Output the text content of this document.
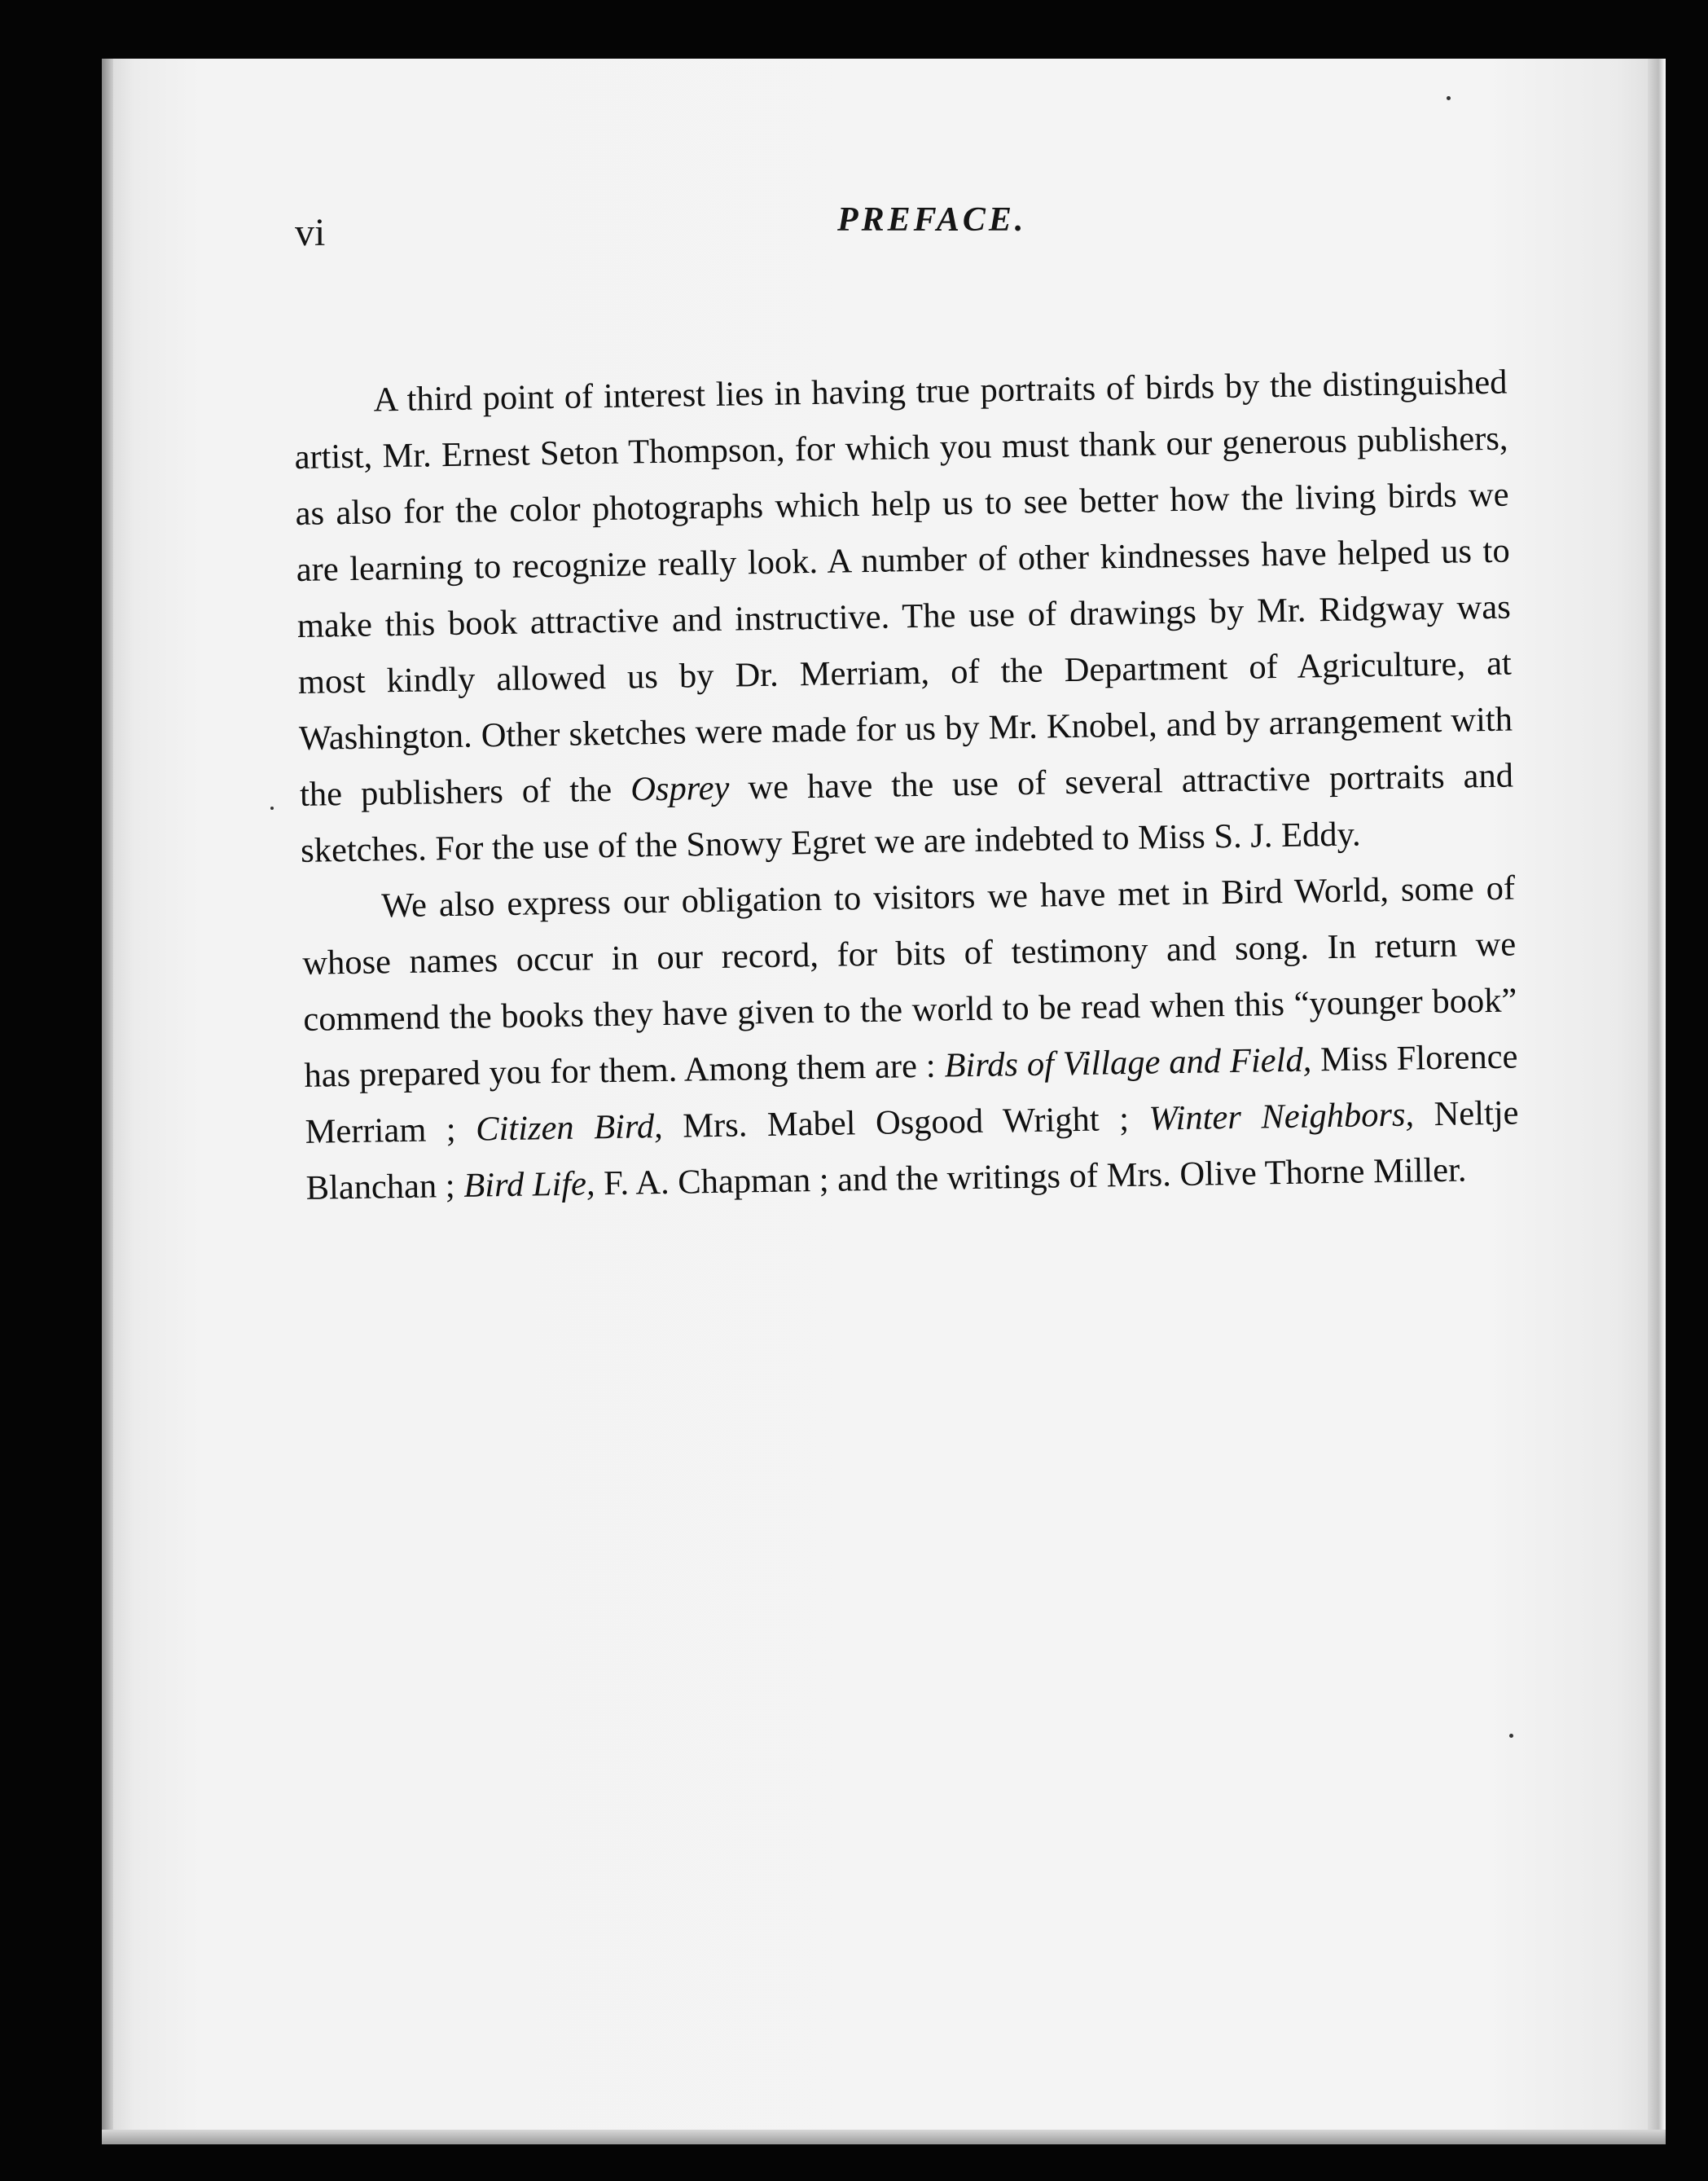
vi	PREFACE.

A third point of interest lies in having true portraits of birds by the distinguished artist, Mr. Ernest Seton Thompson, for which you must thank our generous publishers, as also for the color photographs which help us to see better how the living birds we are learning to recognize really look. A number of other kindnesses have helped us to make this book attractive and instructive. The use of drawings by Mr. Ridgway was most kindly allowed us by Dr. Merriam, of the Department of Agriculture, at Washington. Other sketches were made for us by Mr. Knobel, and by arrangement with the publishers of the Osprey we have the use of several attractive portraits and sketches. For the use of the Snowy Egret we are indebted to Miss S. J. Eddy.

We also express our obligation to visitors we have met in Bird World, some of whose names occur in our record, for bits of testimony and song. In return we commend the books they have given to the world to be read when this “younger book” has prepared you for them. Among them are : Birds of Village and Field, Miss Florence Merriam ; Citizen Bird, Mrs. Mabel Osgood Wright ; Winter Neighbors, Neltje Blanchan ; Bird Life, F. A. Chapman ; and the writings of Mrs. Olive Thorne Miller.
